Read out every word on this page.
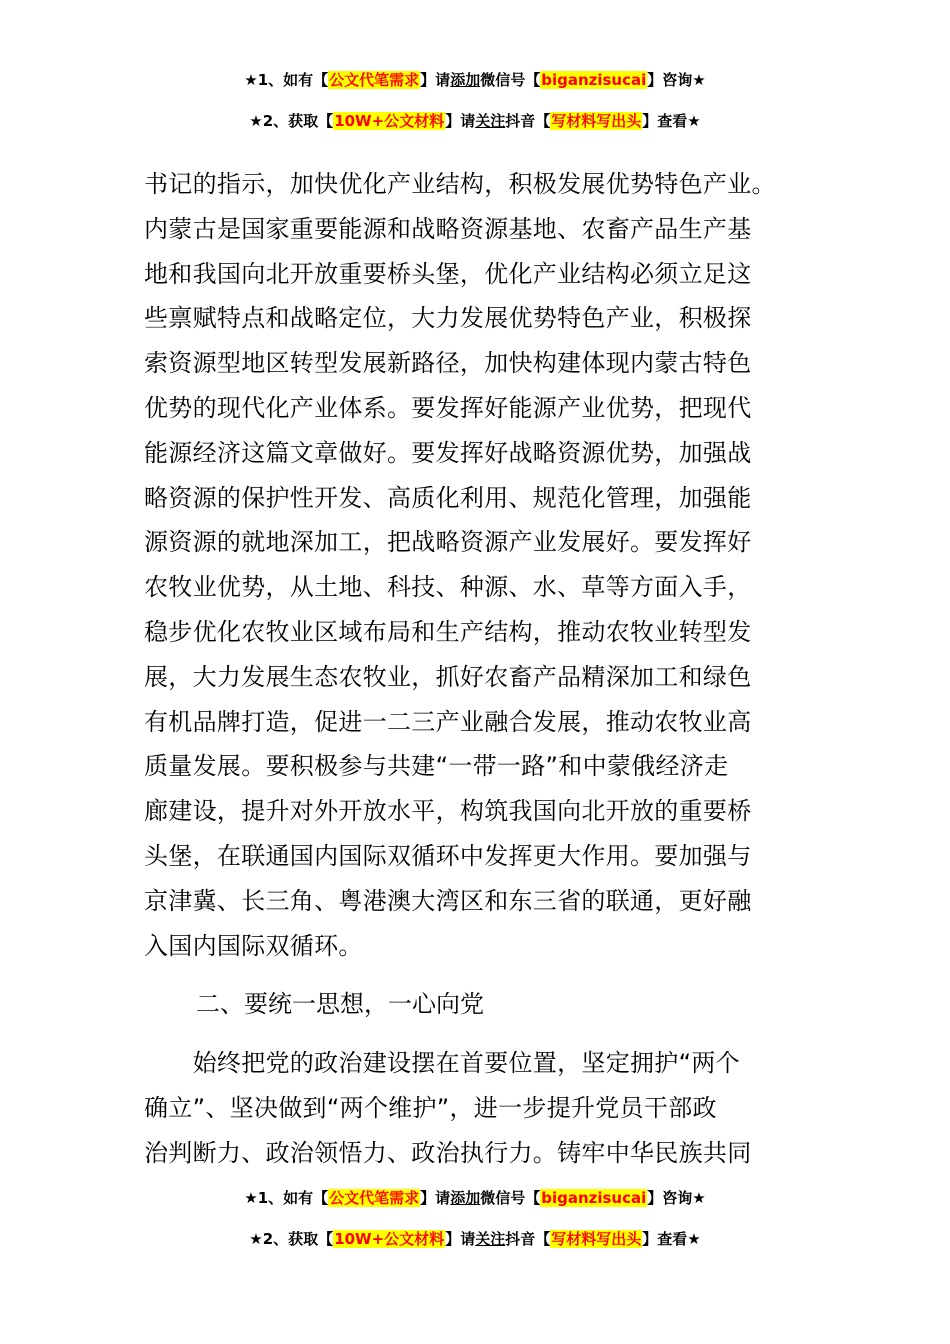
★1、如有【公文代笔需求】请添加微信号【biganzisucai】咨询★
★2、获取【10W+公文材料】请关注抖音【写材料写出头】查看★
书记的指示，加快优化产业结构，积极发展优势特色产业。
内蒙古是国家重要能源和战略资源基地、农畜产品生产基
地和我国向北开放重要桥头堡，优化产业结构必须立足这
些禀赋特点和战略定位，大力发展优势特色产业，积极探
索资源型地区转型发展新路径，加快构建体现内蒙古特色
优势的现代化产业体系。要发挥好能源产业优势，把现代
能源经济这篇文章做好。要发挥好战略资源优势，加强战
略资源的保护性开发、高质化利用、规范化管理，加强能
源资源的就地深加工，把战略资源产业发展好。要发挥好
农牧业优势，从土地、科技、种源、水、草等方面入手，
稳步优化农牧业区域布局和生产结构，推动农牧业转型发
展，大力发展生态农牧业，抓好农畜产品精深加工和绿色
有机品牌打造，促进一二三产业融合发展，推动农牧业高
质量发展。要积极参与共建“一带一路”和中蒙俄经济走
廊建设，提升对外开放水平，构筑我国向北开放的重要桥
头堡，在联通国内国际双循环中发挥更大作用。要加强与
京津冀、长三角、粤港澳大湾区和东三省的联通，更好融
入国内国际双循环。
二、要统一思想，一心向党
　　始终把党的政治建设摆在首要位置，坚定拥护“两个
确立”、坚决做到“两个维护”，进一步提升党员干部政
治判断力、政治领悟力、政治执行力。铸牢中华民族共同
★1、如有【公文代笔需求】请添加微信号【biganzisucai】咨询★
★2、获取【10W+公文材料】请关注抖音【写材料写出头】查看★
